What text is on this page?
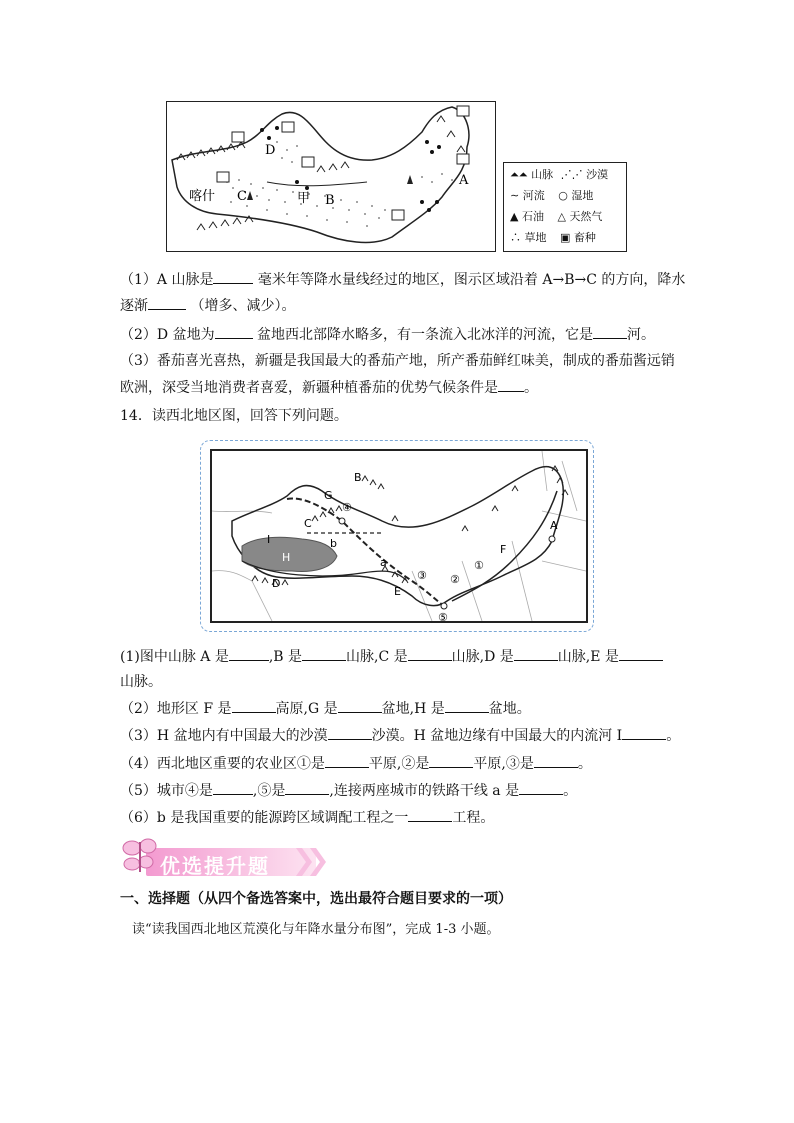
D
C	B
A
喀什	甲
⏶⏶ 山脉 ⋰⋰ 沙漠
∼ 河流 ○ 湿地
▲ 石油 △ 天然气
∴ 草地 ▣ 畜种
（1）A 山脉是	毫米年等降水量线经过的地区，图示区域沿着 A→B→C 的方向，降水
逐渐	（增多、减少）。
（2）D 盆地为	盆地西北部降水略多，有一条流入北冰洋的河流，它是 河。
（3）番茄喜光喜热，新疆是我国最大的番茄产地，所产番茄鲜红味美，制成的番茄酱远销
欧洲，深受当地消费者喜爱，新疆种植番茄的优势气候条件是 。
14．读西北地区图，回答下列问题。
B
G
④
C
I	b
H
A
F
a
③ ②
①
D
E
⑤
(1)图中山脉 A 是	,B 是	山脉,C 是	山脉,D 是	山脉,E 是
山脉。
（2）地形区 F 是	高原,G 是	盆地,H 是	盆地。
（3）H 盆地内有中国最大的沙漠	沙漠。H 盆地边缘有中国最大的内流河 I	。
（4）西北地区重要的农业区①是	平原,②是	平原,③是	。
（5）城市④是	,⑤是	,连接两座城市的铁路干线 a 是	。
（6）b 是我国重要的能源跨区域调配工程之一	工程。
优选提升题
一、选择题（从四个备选答案中，选出最符合题目要求的一项）
读“读我国西北地区荒漠化与年降水量分布图”，完成 1-3 小题。
